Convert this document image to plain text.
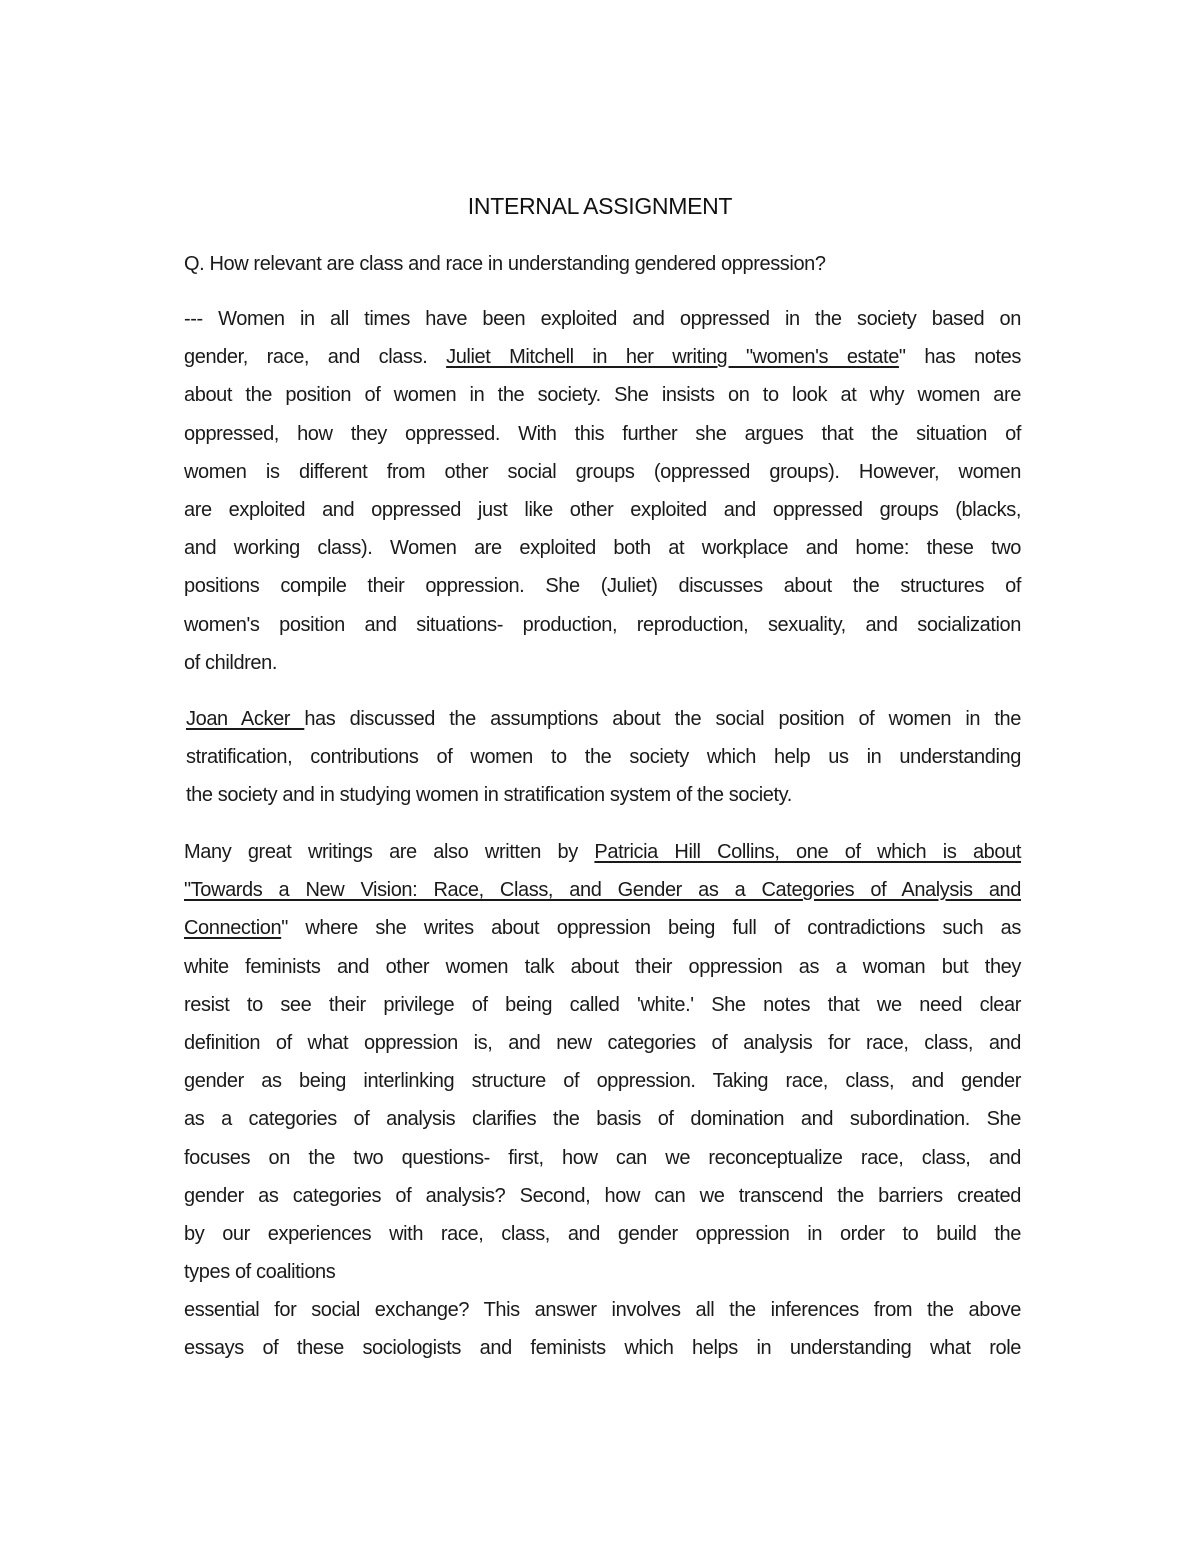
INTERNAL ASSIGNMENT
Q. How relevant are class and race in understanding gendered oppression?
--- Women in all times have been exploited and oppressed in the society based on
gender, race, and class. Juliet Mitchell in her writing "women's estate" has notes
about the position of women in the society. She insists on to look at why women are
oppressed, how they oppressed. With this further she argues that the situation of
women is different from other social groups (oppressed groups). However, women
are exploited and oppressed just like other exploited and oppressed groups (blacks,
and working class). Women are exploited both at workplace and home: these two
positions compile their oppression. She (Juliet) discusses about the structures of
women's position and situations- production, reproduction, sexuality, and socialization
of children.
Joan Acker has discussed the assumptions about the social position of women in the
stratification, contributions of women to the society which help us in understanding
the society and in studying women in stratification system of the society.
Many great writings are also written by Patricia Hill Collins, one of which is about
"Towards a New Vision: Race, Class, and Gender as a Categories of Analysis and
Connection" where she writes about oppression being full of contradictions such as
white feminists and other women talk about their oppression as a woman but they
resist to see their privilege of being called 'white.' She notes that we need clear
definition of what oppression is, and new categories of analysis for race, class, and
gender as being interlinking structure of oppression. Taking race, class, and gender
as a categories of analysis clarifies the basis of domination and subordination. She
focuses on the two questions- first, how can we reconceptualize race, class, and
gender as categories of analysis? Second, how can we transcend the barriers created
by our experiences with race, class, and gender oppression in order to build the
types of coalitions
essential for social exchange? This answer involves all the inferences from the above
essays of these sociologists and feminists which helps in understanding what role
